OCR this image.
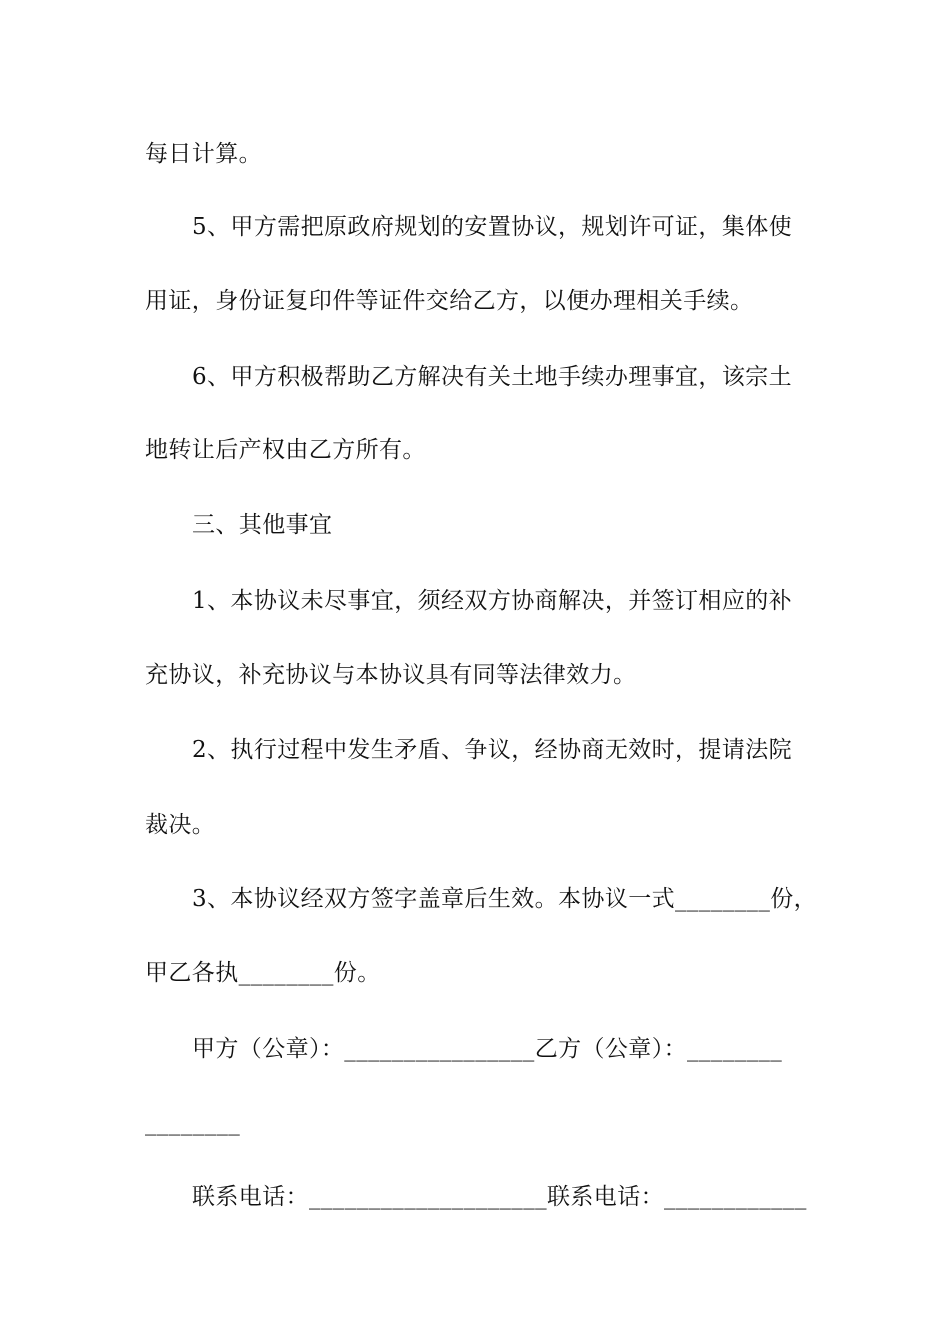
每日计算。
5、甲方需把原政府规划的安置协议，规划许可证，集体使
用证，身份证复印件等证件交给乙方，以便办理相关手续。
6、甲方积极帮助乙方解决有关土地手续办理事宜，该宗土
地转让后产权由乙方所有。
三、其他事宜
1、本协议未尽事宜，须经双方协商解决，并签订相应的补
充协议，补充协议与本协议具有同等法律效力。
2、执行过程中发生矛盾、争议，经协商无效时，提请法院
裁决。
3、本协议经双方签字盖章后生效。本协议一式________份，
甲乙各执________份。
甲方（公章）：________________乙方（公章）：________
________
联系电话：____________________联系电话：____________
